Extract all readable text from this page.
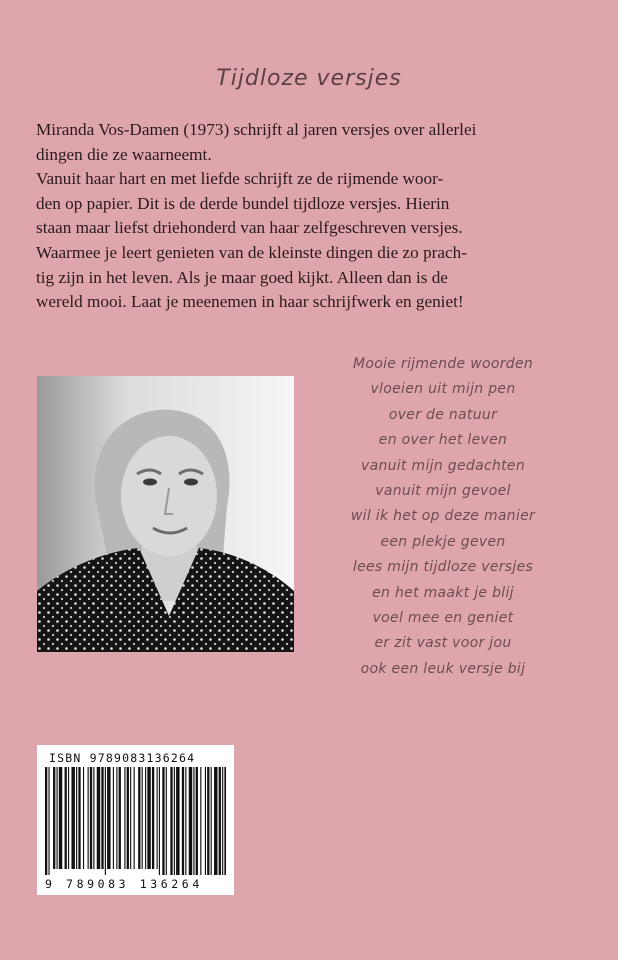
Tijdloze versjes
Miranda Vos-Damen (1973) schrijft al jaren versjes over allerlei
dingen die ze waarneemt.
Vanuit haar hart en met liefde schrijft ze de rijmende woor-
den op papier. Dit is de derde bundel tijdloze versjes. Hierin
staan maar liefst driehonderd van haar zelfgeschreven versjes.
Waarmee je leert genieten van de kleinste dingen die zo prach-
tig zijn in het leven. Als je maar goed kijkt. Alleen dan is de
wereld mooi. Laat je meenemen in haar schrijfwerk en geniet!
Mooie rijmende woorden
vloeien uit mijn pen
over de natuur
en over het leven
vanuit mijn gedachten
vanuit mijn gevoel
wil ik het op deze manier
een plekje geven
lees mijn tijdloze versjes
en het maakt je blij
voel mee en geniet
er zit vast voor jou
ook een leuk versje bij
ISBN 9789083136264
9 789083 136264
